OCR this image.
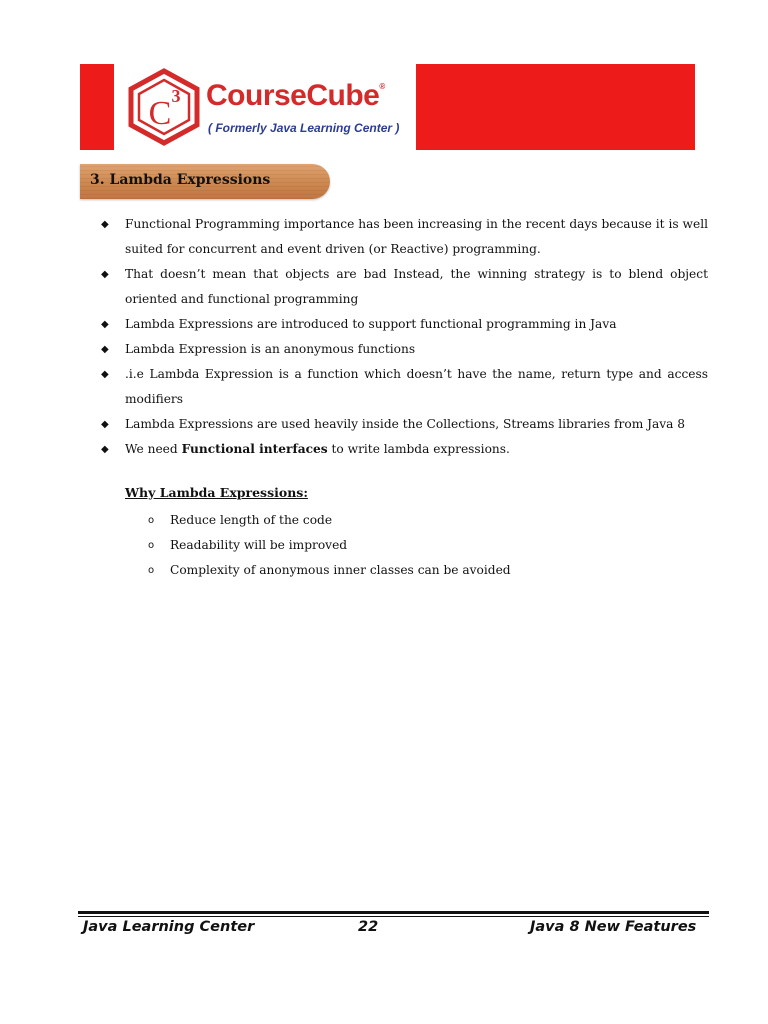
C 3 CourseCube®
( Formerly Java Learning Center )
3. Lambda Expressions
◆ Functional Programming importance has been increasing in the recent days because it is well suited for concurrent and event driven (or Reactive) programming.
◆ That doesn’t mean that objects are bad Instead, the winning strategy is to blend object oriented and functional programming
◆ Lambda Expressions are introduced to support functional programming in Java
◆ Lambda Expression is an anonymous functions
◆ .i.e Lambda Expression is a function which doesn’t have the name, return type and access modifiers
◆ Lambda Expressions are used heavily inside the Collections, Streams libraries from Java 8
◆ We need Functional interfaces to write lambda expressions.
Why Lambda Expressions:
o Reduce length of the code
o Readability will be improved
o Complexity of anonymous inner classes can be avoided
Java Learning Center	22	Java 8 New Features
